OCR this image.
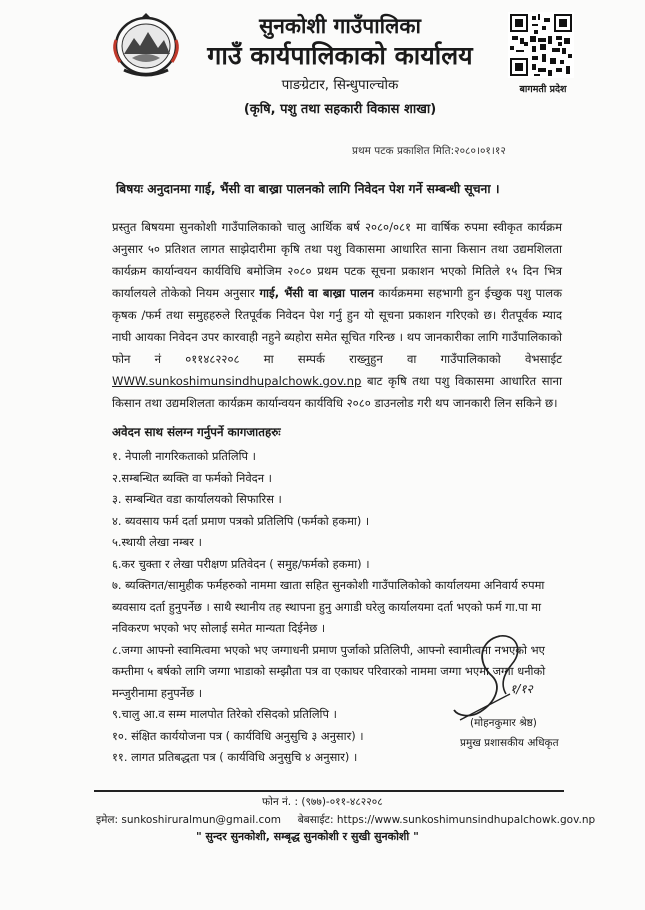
सुनकोशी गाउँपालिका
गाउँ कार्यपालिकाको कार्यालय
पाङग्रेटार, सिन्धुपाल्चोक
(कृषि, पशु तथा सहकारी विकास शाखा)
बागमती प्रदेश
प्रथम पटक प्रकाशित मिति:२०८०।०१।१२
बिषयः अनुदानमा गाई, भैंसी वा बाख्रा पालनको लागि निवेदन पेश गर्ने सम्बन्धी सूचना ।
प्रस्तुत बिषयमा सुनकोशी गाउँपालिकाको चालु आर्थिक बर्ष २०८०/०८१ मा वार्षिक रुपमा स्वीकृत कार्यक्रम अनुसार ५० प्रतिशत लागत साझेदारीमा कृषि तथा पशु विकासमा आधारित साना किसान तथा उद्यमशिलता कार्यक्रम कार्यान्वयन कार्यविधि बमोजिम २०८० प्रथम पटक सूचना प्रकाशन भएको मितिले १५ दिन भित्र कार्यालयले तोकेको नियम अनुसार गाई, भैंसी वा बाख्रा पालन कार्यक्रममा सहभागी हुन ईच्छुक पशु पालक कृषक /फर्म तथा समुहहरुले रितपूर्वक निवेदन पेश गर्नु हुन यो सूचना प्रकाशन गरिएको छ। रीतपूर्वक म्याद नाघी आयका निवेदन उपर कारवाही नहुने ब्यहोरा समेत सूचित गरिन्छ । थप जानकारीका लागि गाउँपालिकाको फोन नं ०११४८२२०८ मा सम्पर्क राख्नुहुन वा गाउँपालिकाको वेभसाईट WWW.sunkoshimunsindhupalchowk.gov.np बाट कृषि तथा पशु विकासमा आधारित साना किसान तथा उद्यमशिलता कार्यक्रम कार्यान्वयन कार्यविधि २०८० डाउनलोड गरी थप जानकारी लिन सकिने छ।
अवेदन साथ संलग्न गर्नुपर्ने कागजातहरुः
१. नेपाली नागरिकताको प्रतिलिपि ।
२.सम्बन्धित ब्यक्ति वा फर्मको निवेदन ।
३. सम्बन्धित वडा कार्यालयको सिफारिस ।
४. ब्यवसाय फर्म दर्ता प्रमाण पत्रको प्रतिलिपि (फर्मको हकमा) ।
५.स्थायी लेखा नम्बर ।
६.कर चुक्ता र लेखा परीक्षण प्रतिवेदन ( समुह/फर्मको हकमा) ।
७. ब्यक्तिगत/सामुहीक फर्महरुको नाममा खाता सहित सुनकोशी गाउँपालिकोको कार्यालयमा अनिवार्य रुपमा ब्यवसाय दर्ता हुनुपर्नेछ । साथै स्थानीय तह स्थापना हुनु अगाडी घरेलु कार्यालयमा दर्ता भएको फर्म गा.पा मा नविकरण भएको भए सोलाई समेत मान्यता दिईनेछ ।
८.जग्गा आफ्नो स्वामित्वमा भएको भए जग्गाधनी प्रमाण पुर्जाको प्रतिलिपी, आफ्नो स्वामीत्वमा नभएको भए कम्तीमा ५ बर्षको लागि जग्गा भाडाको सम्झौता पत्र वा एकाघर परिवारको नाममा जग्गा भएमा जग्गा धनीको मन्जुरीनामा हनुपर्नेछ ।
९.चालु आ.व सम्म मालपोत तिरेको रसिदको प्रतिलिपि ।
१०. संक्षित कार्ययोजना पत्र ( कार्यविधि अनुसुचि ३ अनुसार) ।
११. लागत प्रतिबद्धता पत्र ( कार्यविधि अनुसुचि ४ अनुसार) ।
१/१२
(मोहनकुमार श्रेष्ठ)
प्रमुख प्रशासकीय अधिकृत
फोन नं. : (९७७)-०११-४८२२०८
इमेल: sunkoshiruralmun@gmail.com बेबसाईट: https://www.sunkoshimunsindhupalchowk.gov.np
" सुन्दर सुनकोशी, सम्बृद्ध सुनकोशी र सुखी सुनकोशी "
